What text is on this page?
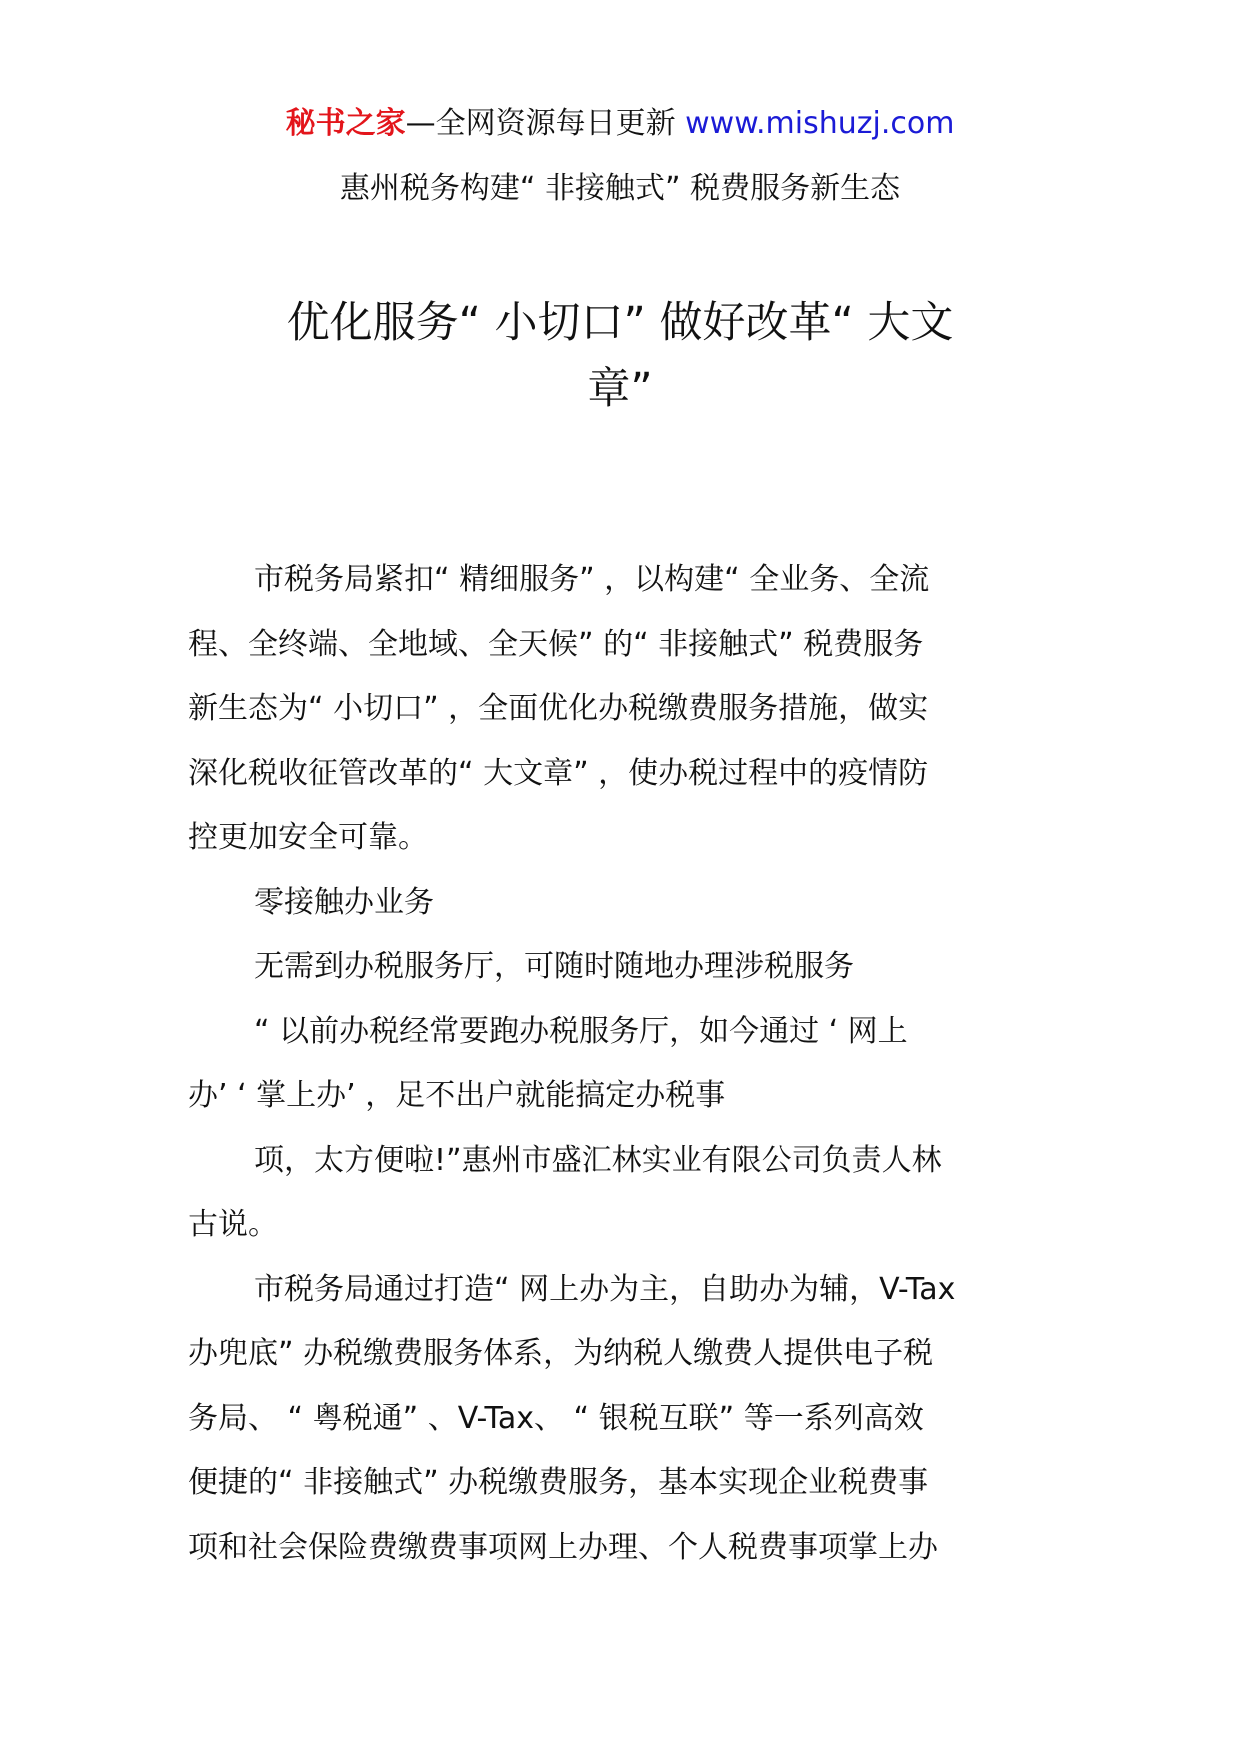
秘书之家—全网资源每日更新 www.mishuzj.com
惠州税务构建“ 非接触式” 税费服务新生态
优化服务“ 小切口” 做好改革“ 大文
章”
市税务局紧扣“ 精细服务” ，以构建“ 全业务、全流
程、全终端、全地域、全天候” 的“ 非接触式” 税费服务
新生态为“ 小切口” ，全面优化办税缴费服务措施，做实
深化税收征管改革的“ 大文章” ，使办税过程中的疫情防
控更加安全可靠。
零接触办业务
无需到办税服务厅，可随时随地办理涉税服务
“ 以前办税经常要跑办税服务厅，如今通过 ‘ 网上
办’ ‘ 掌上办’ ，足不出户就能搞定办税事
项，太方便啦!”惠州市盛汇林实业有限公司负责人林
古说。
市税务局通过打造“ 网上办为主，自助办为辅，V-Tax
办兜底” 办税缴费服务体系，为纳税人缴费人提供电子税
务局、 “ 粤税通” 、V-Tax、 “ 银税互联” 等一系列高效
便捷的“ 非接触式” 办税缴费服务，基本实现企业税费事
项和社会保险费缴费事项网上办理、个人税费事项掌上办
